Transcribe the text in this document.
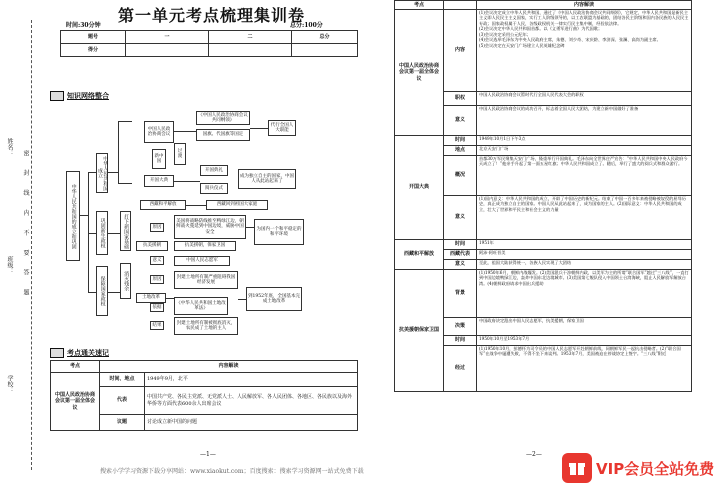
姓名：
班级：
学校：
密 封 线 内 不 要 答 题
第一单元考点梳理集训卷
时间:30分钟	总分:100分
题号	一	二	总分
得分			
知识网络整合
中华人民共和国的成立和巩固
中华人民共和国成立
巩固新生政权
保障国家政权
打下新国家基础
消灭残余
中国人民政治协商会议
《中国人民政治协商会议共同纲领》
国旗、代国旗等国定
代行全国人大职能
新中国
过渡
开国大典
开国典礼
阅兵仪式
成为独立自主的国家，中国人从此站起来了
西藏和平解放	西藏回到祖国大家庭
原因
美国将战略防线推至鸭绿江边，朝鲜战火蔓延到中国边境，威胁中国安全
为国内一个和平稳定的和平环境
抗美援朝	抗美援朝，保家卫国
中国人民志愿军
意义
原因	封建土地所有制严重阻碍我国经济发展
土地改革
依据
《中华人民共和国土地改革法》
到1952年底，全国基本完成土地改革
结果	封建土地所有制被彻底消灭，农民成了土地的主人
考点通关速记
考点	内容解读	
中国人民政治协商会议第一届全体会议	时间、地点	1949年9月，北平
	代表	中国共产党、各民主党派、无党派人士、人民解放军、各人民团体、各地区、各民族以及海外华侨等方面代表600余人出席会议
	议题	讨论成立新中国的问题
—1—
考点		内容解读
中国人民政治协商会议第一届全体会议	内容	(1)会议决定成立中华人民共和国，通过了《中国人民政治协商会议共同纲领》，它规定，中华人民共和国是新民主主义即人民民主主义国家，实行工人阶级领导的，以工农联盟为基础的，团结各民主阶级和国内各民族的人民民主专政；国家政权属于人民，各级政权机关一律实行民主集中制，经验依法律。
(2)会议决定中华人民共和国首都。以《义勇军进行曲》为代国歌；
(3)会议决定采用公元纪年；
(4)会议选举毛泽东为中央人民政府主席，朱德、刘少奇、宋庆龄、李济深、张澜、高岗为副主席。
(5)会议决定在天安门广场建立人民英雄纪念碑

	职权	中国人民政治协商会议暂时代行全国人民代表大会的职权
	意义	中国人民政治协商会议的成功召开，标志着全国人民大团结，为建立新中国做好了准备
开国大典	时间	1949年10月1日下午3点
	地点	北京天安门广场
	概况	首都30万军民聚集天安门广场，隆重举行开国典礼。毛泽东向全世界庄严宣告：“中华人民共和国中央人民政府今天成立了！”他亲手升起了第一面五星红旗；中华人民共和国成立了。随后，举行了盛大的阅兵式和群众游行。
	意义	(1)国内意义：中华人民共和国的成立，开辟了中国历史的新纪元。结束了中国一百多年来被侵略被奴役的屈辱历史，真正成为独立自主的国家。中国人民从此站起来了，成为国家的主人。(2)国际意义：中华人民共和国的成立，壮大了世界和平民主和社会主义的力量
西藏和平解放	时间	1951年
	西藏代表	阿沛·阿旺晋美
	意义	至此，祖国大陆获得统一，各族人民实现了大团结
抗美援朝保家卫国	背景	(1)1950年6月，朝鲜内战爆发。(2)美国派兵干涉朝鲜内政，以美军为主的所谓“联合国军”越过“三八线”，一直打到中国边境鸭绿江边，轰炸中国东北边境城市。(3)美国第七舰队侵入中国领土台湾海峡，阻止人民解放军解放台湾。(4)朝鲜政府请求中国出兵援助
	决策	中国政府决定派出中国人民志愿军，抗美援朝，保家卫国
	时间	1950年10月至1953年7月
	经过	(1)1950年10月，彭德怀为司令员的中国人民志愿军开赴朝鲜前线，同朝鲜军民一起抗击侵略者。(2)“联合国军”在战争中屡遭失败，不得不坐下来谈判。1953年7月，美国被迫在停战协定上签字。“三八线”附近
—2—
搜索小学学习资源下载分享网站：www.xiaokut.com；百度搜索：搜索学习资源网一站式免费下载	VIP会员全站免费
